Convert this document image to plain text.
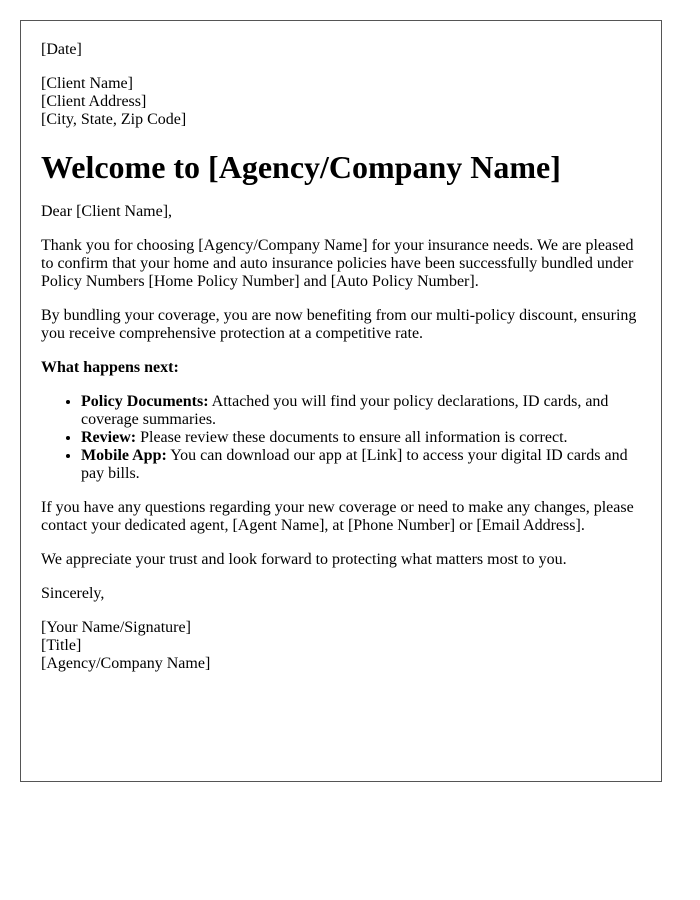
[Date]

[Client Name]
[Client Address]
[City, State, Zip Code]

Welcome to [Agency/Company Name]

Dear [Client Name],

Thank you for choosing [Agency/Company Name] for your insurance needs. We are pleased to confirm that your home and auto insurance policies have been successfully bundled under Policy Numbers [Home Policy Number] and [Auto Policy Number].

By bundling your coverage, you are now benefiting from our multi-policy discount, ensuring you receive comprehensive protection at a competitive rate.

What happens next:

• Policy Documents: Attached you will find your policy declarations, ID cards, and coverage summaries.
• Review: Please review these documents to ensure all information is correct.
• Mobile App: You can download our app at [Link] to access your digital ID cards and pay bills.

If you have any questions regarding your new coverage or need to make any changes, please contact your dedicated agent, [Agent Name], at [Phone Number] or [Email Address].

We appreciate your trust and look forward to protecting what matters most to you.

Sincerely,

[Your Name/Signature]
[Title]
[Agency/Company Name]
